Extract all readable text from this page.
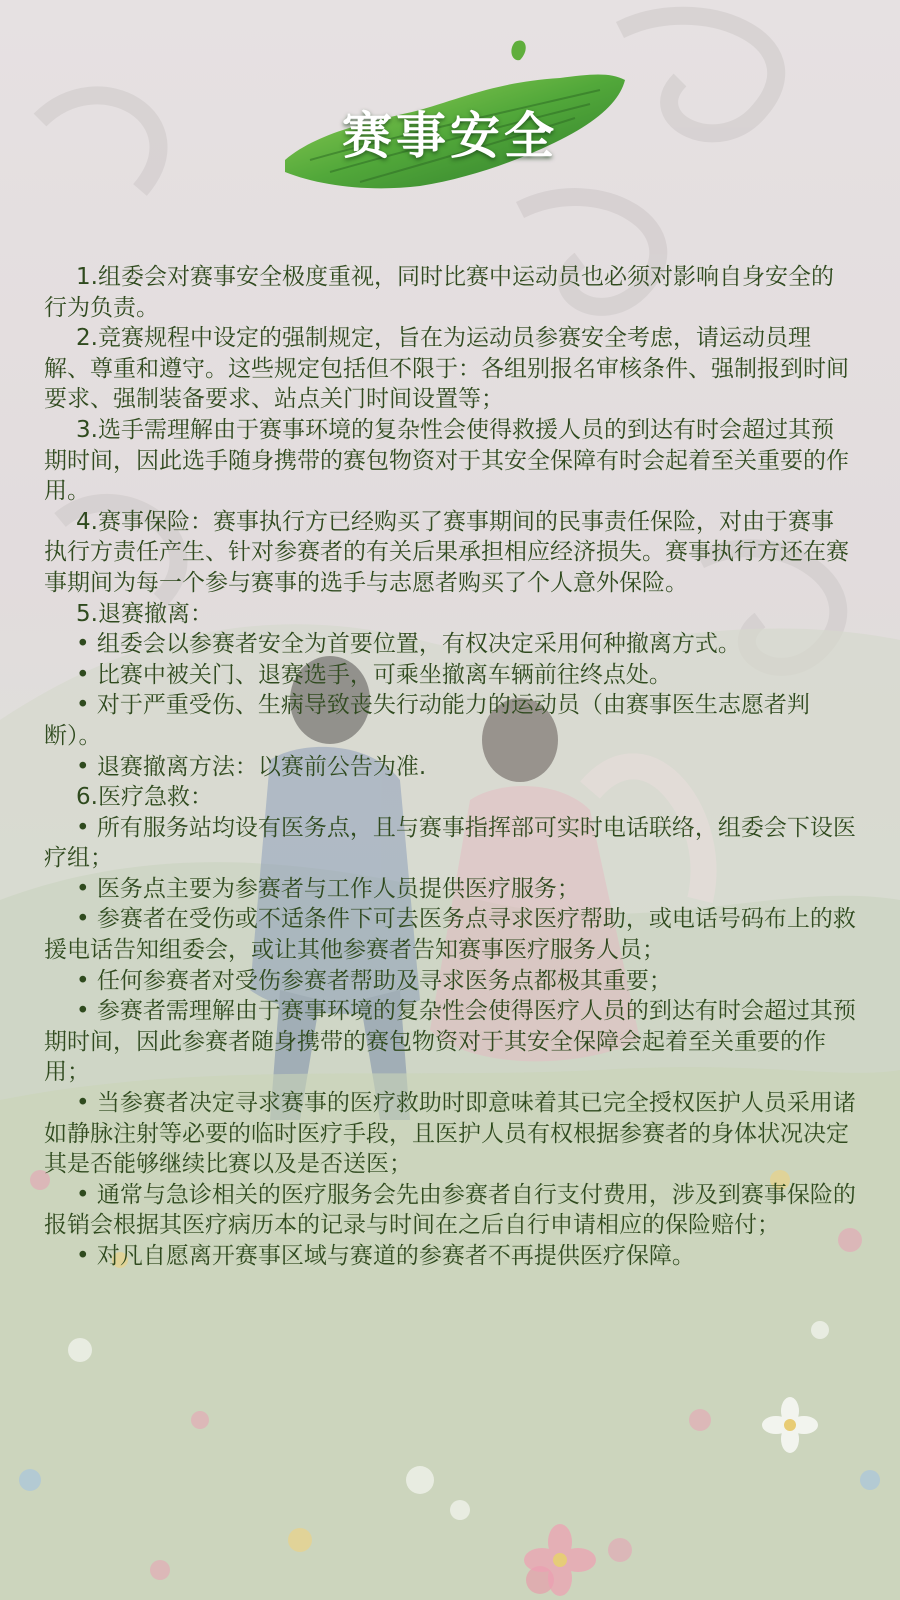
赛事安全

1.组委会对赛事安全极度重视，同时比赛中运动员也必须对影响自身安全的行为负责。

2.竞赛规程中设定的强制规定，旨在为运动员参赛安全考虑，请运动员理解、尊重和遵守。这些规定包括但不限于：各组别报名审核条件、强制报到时间要求、强制装备要求、站点关门时间设置等；

3.选手需理解由于赛事环境的复杂性会使得救援人员的到达有时会超过其预期时间，因此选手随身携带的赛包物资对于其安全保障有时会起着至关重要的作用。

4.赛事保险：赛事执行方已经购买了赛事期间的民事责任保险，对由于赛事执行方责任产生、针对参赛者的有关后果承担相应经济损失。赛事执行方还在赛事期间为每一个参与赛事的选手与志愿者购买了个人意外保险。

5.退赛撤离：

• 组委会以参赛者安全为首要位置，有权决定采用何种撤离方式。

• 比赛中被关门、退赛选手，可乘坐撤离车辆前往终点处。

• 对于严重受伤、生病导致丧失行动能力的运动员（由赛事医生志愿者判断）。

• 退赛撤离方法：以赛前公告为准.

6.医疗急救：

• 所有服务站均设有医务点，且与赛事指挥部可实时电话联络，组委会下设医疗组；

• 医务点主要为参赛者与工作人员提供医疗服务；

• 参赛者在受伤或不适条件下可去医务点寻求医疗帮助，或电话号码布上的救援电话告知组委会，或让其他参赛者告知赛事医疗服务人员；

• 任何参赛者对受伤参赛者帮助及寻求医务点都极其重要；

• 参赛者需理解由于赛事环境的复杂性会使得医疗人员的到达有时会超过其预期时间，因此参赛者随身携带的赛包物资对于其安全保障会起着至关重要的作用；

• 当参赛者决定寻求赛事的医疗救助时即意味着其已完全授权医护人员采用诸如静脉注射等必要的临时医疗手段，且医护人员有权根据参赛者的身体状况决定其是否能够继续比赛以及是否送医；

• 通常与急诊相关的医疗服务会先由参赛者自行支付费用，涉及到赛事保险的报销会根据其医疗病历本的记录与时间在之后自行申请相应的保险赔付；

• 对凡自愿离开赛事区域与赛道的参赛者不再提供医疗保障。
